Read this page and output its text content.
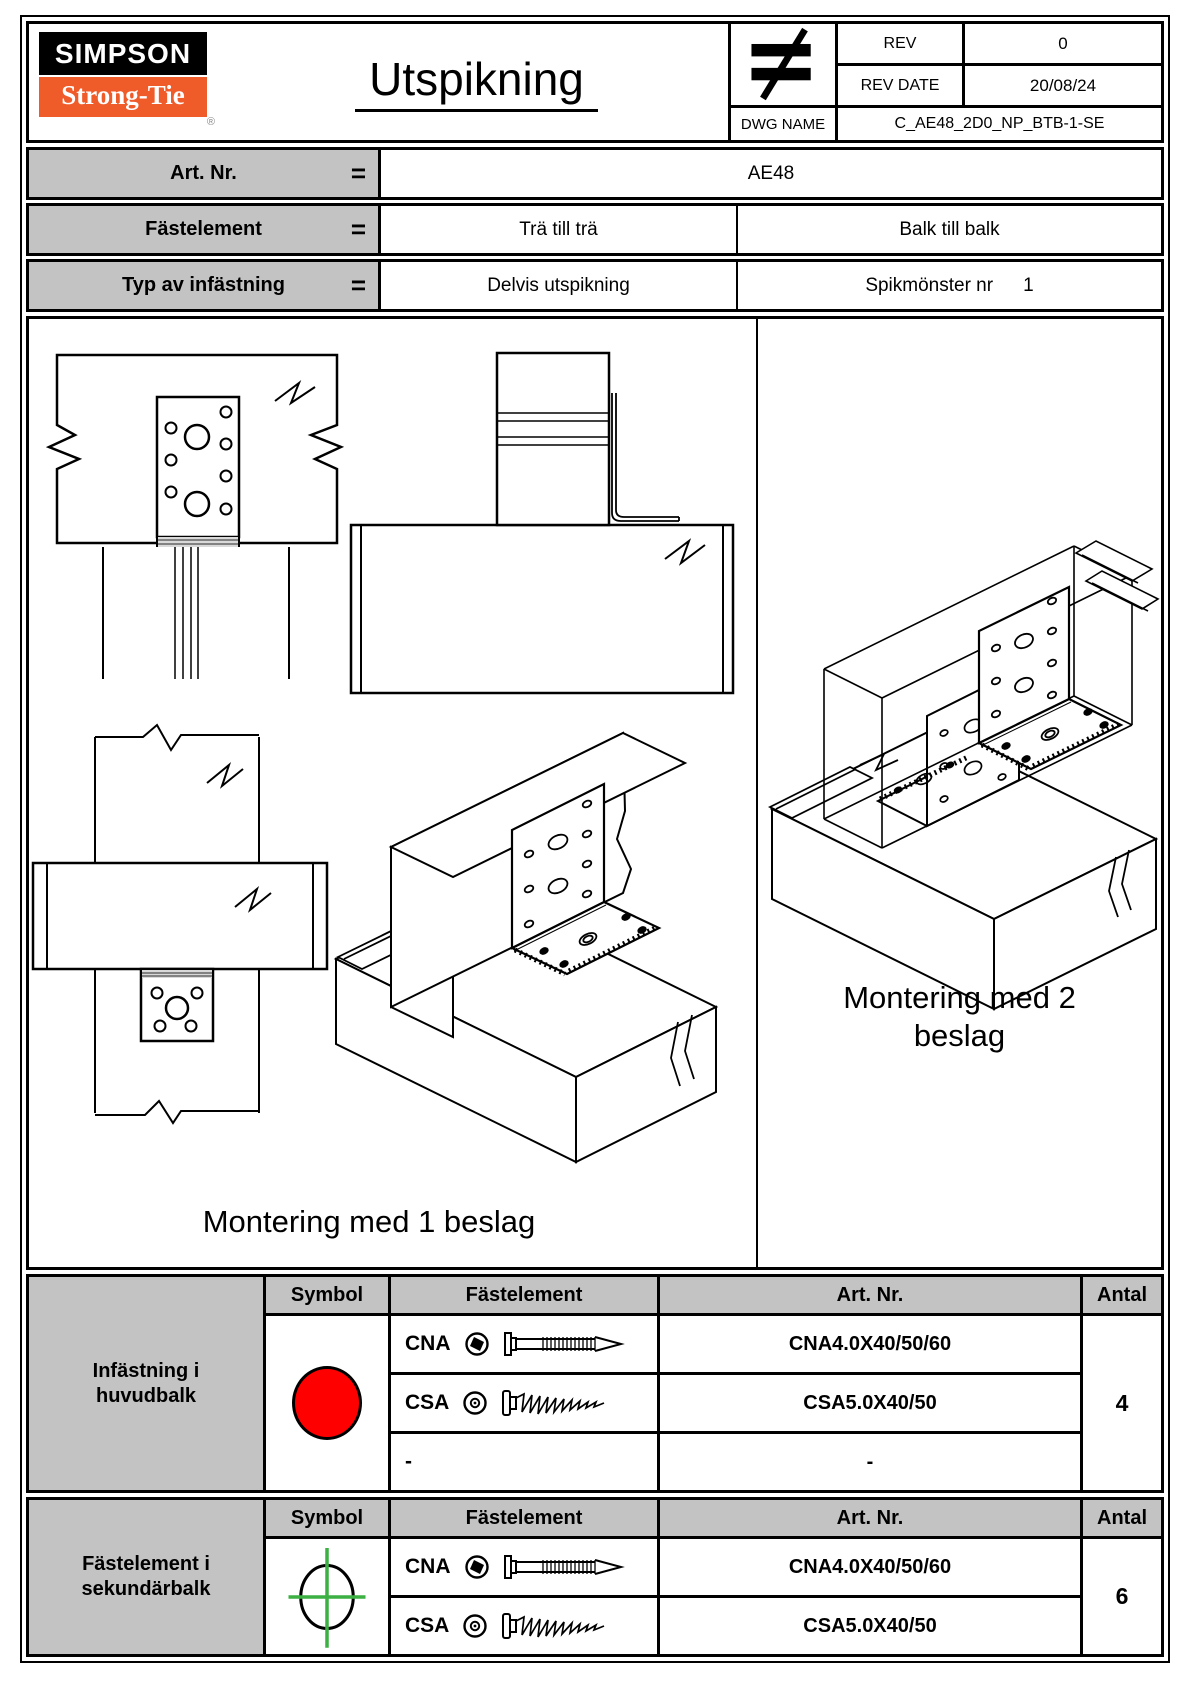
SIMPSON
Strong-Tie
®
Utspikning
REV	0
REV DATE	20/08/24
DWG NAME	C_AE48_2D0_NP_BTB-1-SE
Art. Nr.	=	AE48
Fästelement	=	Trä till trä	Balk till balk
Typ av infästning	=	Delvis utspikning	Spikmönster nr 1
Montering med 1 beslag
Montering med 2
beslag
Infästning i
huvudbalk
Symbol	Fästelement	Art. Nr.	Antal
CNA	CNA4.0X40/50/60
CSA	CSA5.0X40/50
-	-
4
Fästelement i
sekundärbalk
Symbol	Fästelement	Art. Nr.	Antal
CNA	CNA4.0X40/50/60
CSA	CSA5.0X40/50
6
